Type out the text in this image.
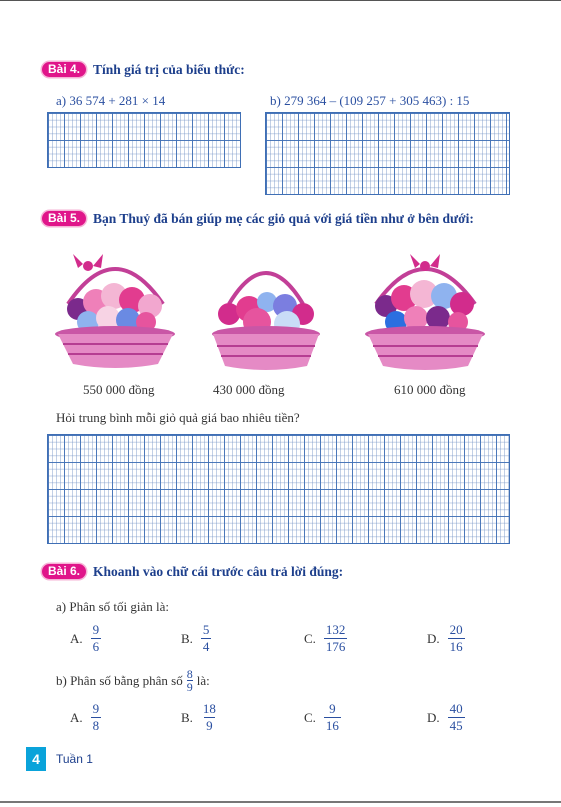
Bài 4. Tính giá trị của biểu thức:
a) 36 574 + 281 × 14	b) 279 364 – (109 257 + 305 463) : 15
Bài 5. Bạn Thuỷ đã bán giúp mẹ các giỏ quả với giá tiền như ở bên dưới:
550 000 đồng	430 000 đồng	610 000 đồng
Hỏi trung bình mỗi giỏ quả giá bao nhiêu tiền?
Bài 6. Khoanh vào chữ cái trước câu trả lời đúng:
a) Phân số tối giản là:
A. $\frac{9}{6}$	B. $\frac{5}{4}$	C. $\frac{132}{176}$	D. $\frac{20}{16}$
b) Phân số bằng phân số $\frac{8}{9}$ là:
A. $\frac{9}{8}$	B. $\frac{18}{9}$	C. $\frac{9}{16}$	D. $\frac{40}{45}$
4	Tuần 1
